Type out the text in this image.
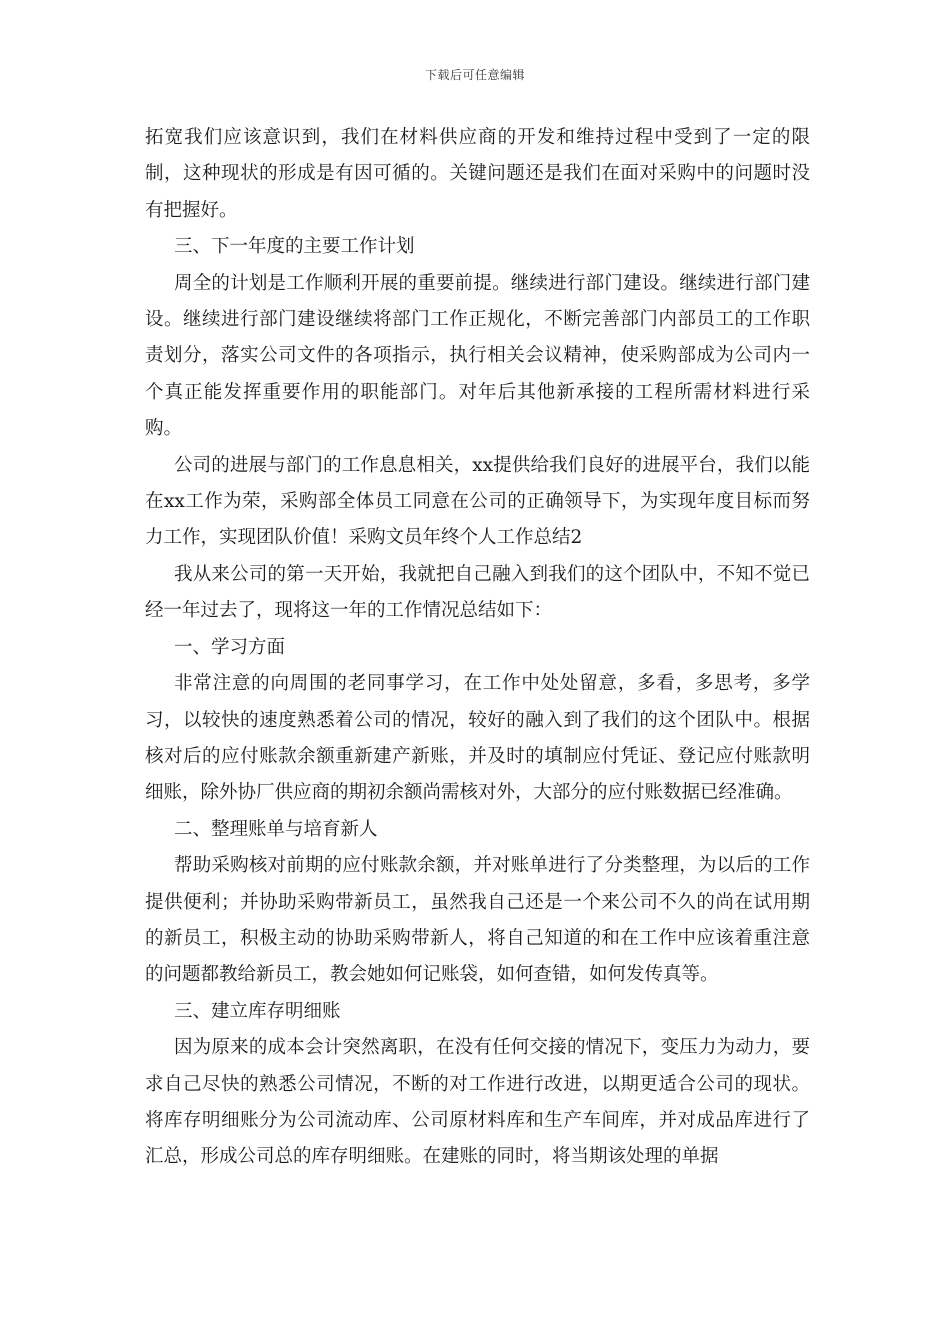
下载后可任意编辑

拓宽我们应该意识到，我们在材料供应商的开发和维持过程中受到了一定的限制，这种现状的形成是有因可循的。关键问题还是我们在面对采购中的问题时没有把握好。

三、下一年度的主要工作计划

周全的计划是工作顺利开展的重要前提。继续进行部门建设。继续进行部门建设。继续进行部门建设继续将部门工作正规化，不断完善部门内部员工的工作职责划分，落实公司文件的各项指示，执行相关会议精神，使采购部成为公司内一个真正能发挥重要作用的职能部门。对年后其他新承接的工程所需材料进行采购。

公司的进展与部门的工作息息相关，xx提供给我们良好的进展平台，我们以能在xx工作为荣，采购部全体员工同意在公司的正确领导下，为实现年度目标而努力工作，实现团队价值！采购文员年终个人工作总结2

我从来公司的第一天开始，我就把自己融入到我们的这个团队中，不知不觉已经一年过去了，现将这一年的工作情况总结如下：

一、学习方面

非常注意的向周围的老同事学习，在工作中处处留意，多看，多思考，多学习，以较快的速度熟悉着公司的情况，较好的融入到了我们的这个团队中。根据核对后的应付账款余额重新建产新账，并及时的填制应付凭证、登记应付账款明细账，除外协厂供应商的期初余额尚需核对外，大部分的应付账数据已经准确。

二、整理账单与培育新人

帮助采购核对前期的应付账款余额，并对账单进行了分类整理，为以后的工作提供便利；并协助采购带新员工，虽然我自己还是一个来公司不久的尚在试用期的新员工，积极主动的协助采购带新人，将自己知道的和在工作中应该着重注意的问题都教给新员工，教会她如何记账袋，如何查错，如何发传真等。

三、建立库存明细账

因为原来的成本会计突然离职，在没有任何交接的情况下，变压力为动力，要求自己尽快的熟悉公司情况，不断的对工作进行改进，以期更适合公司的现状。将库存明细账分为公司流动库、公司原材料库和生产车间库，并对成品库进行了汇总，形成公司总的库存明细账。在建账的同时，将当期该处理的单据
